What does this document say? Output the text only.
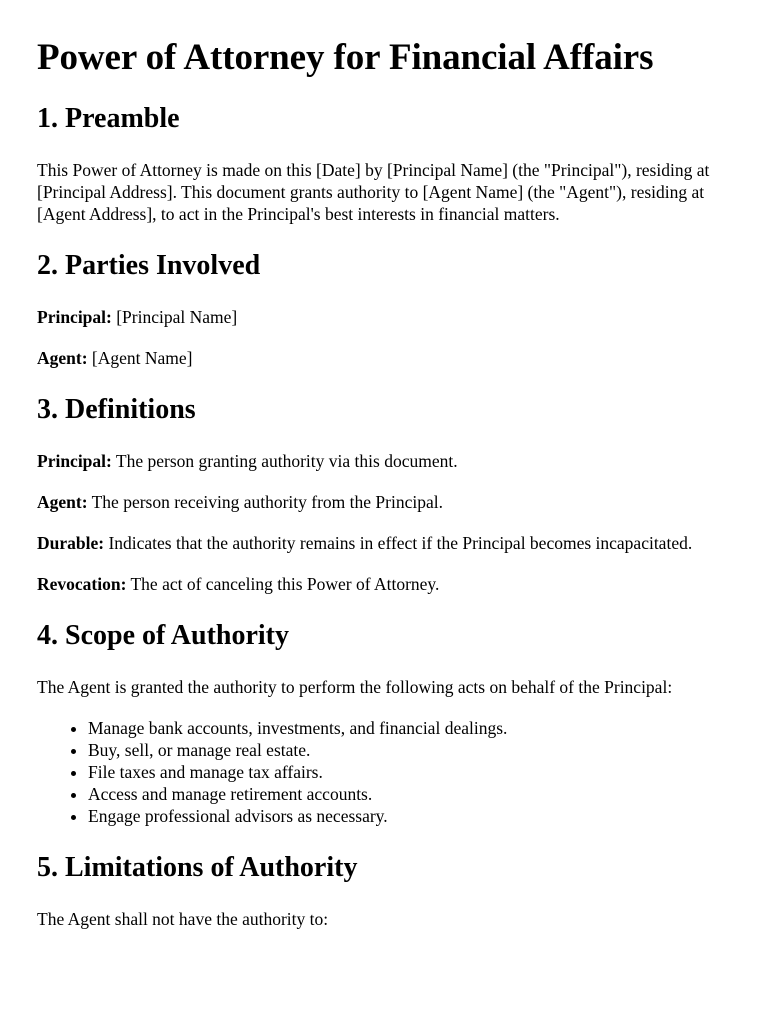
Power of Attorney for Financial Affairs
1. Preamble

This Power of Attorney is made on this [Date] by [Principal Name] (the "Principal"), residing at [Principal Address]. This document grants authority to [Agent Name] (the "Agent"), residing at [Agent Address], to act in the Principal's best interests in financial matters.

2. Parties Involved

Principal: [Principal Name]

Agent: [Agent Name]

3. Definitions

Principal: The person granting authority via this document.

Agent: The person receiving authority from the Principal.

Durable: Indicates that the authority remains in effect if the Principal becomes incapacitated.

Revocation: The act of canceling this Power of Attorney.

4. Scope of Authority

The Agent is granted the authority to perform the following acts on behalf of the Principal:

• Manage bank accounts, investments, and financial dealings.
• Buy, sell, or manage real estate.
• File taxes and manage tax affairs.
• Access and manage retirement accounts.
• Engage professional advisors as necessary.
5. Limitations of Authority

The Agent shall not have the authority to:
